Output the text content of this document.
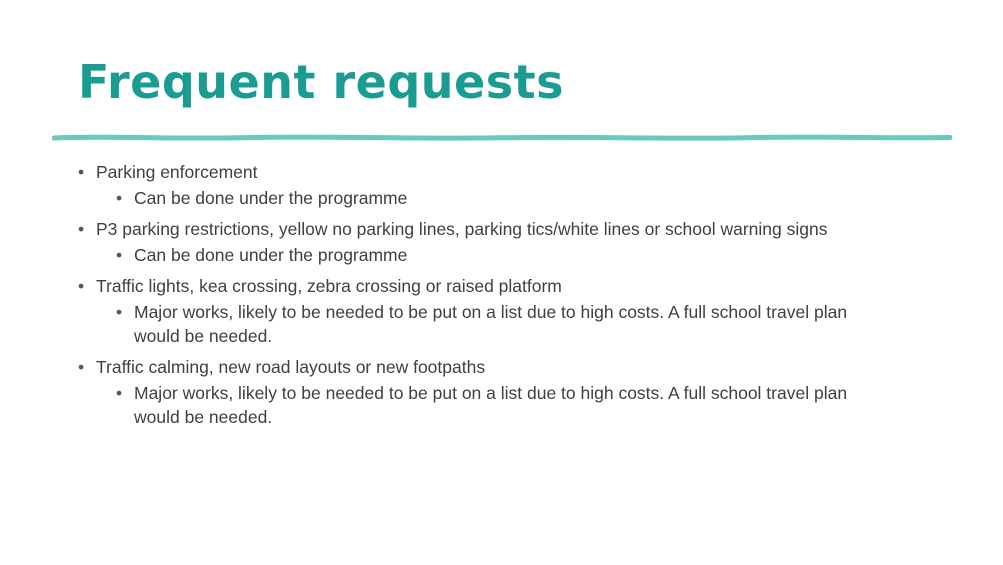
Frequent requests
• Parking enforcement
• Can be done under the programme
• P3 parking restrictions, yellow no parking lines, parking tics/white lines or school warning signs
• Can be done under the programme
• Traffic lights, kea crossing, zebra crossing or raised platform
• Major works, likely to be needed to be put on a list due to high costs. A full school travel plan would be needed.
• Traffic calming, new road layouts or new footpaths
• Major works, likely to be needed to be put on a list due to high costs. A full school travel plan would be needed.
